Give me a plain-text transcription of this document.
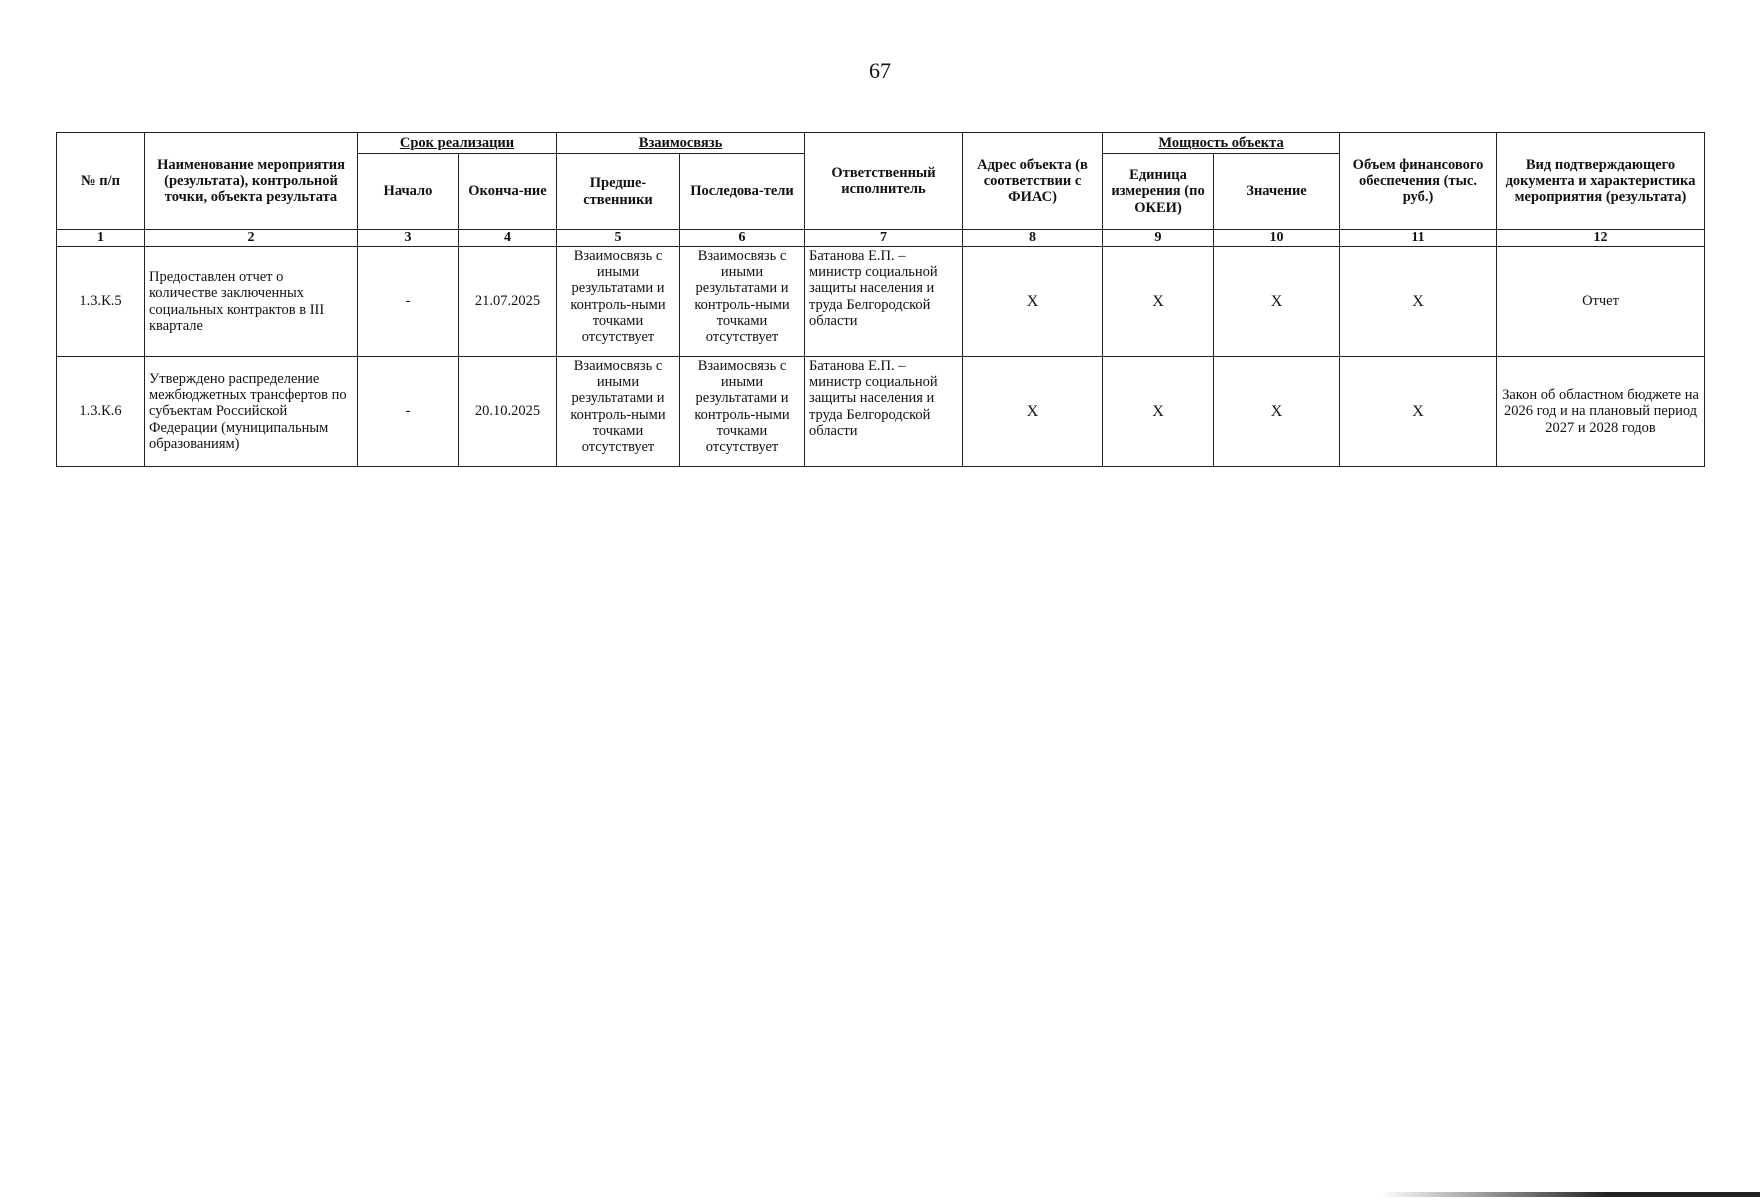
67
№ п/п	Наименование мероприятия (результата), контрольной точки, объекта результата	Срок реализации		Взаимосвязь		Ответственный исполнитель	Адрес объекта (в соответствии с ФИАС)	Мощность объекта		Объем финансового обеспечения (тыс. руб.)	Вид подтверждающего документа и характеристика мероприятия (результата)
		Начало	Оконча-ние	Предше-ственники	Последова-тели			Единица измерения (по ОКЕИ)	Значение		
1	2	3	4	5	6	7	8	9	10	11	12
1.3.К.5	Предоставлен отчет о количестве заключенных социальных контрактов в III квартале	-	21.07.2025	Взаимосвязь с иными результатами и контроль-ными точками отсутствует	Взаимосвязь с иными результатами и контроль-ными точками отсутствует	Батанова Е.П. – министр социальной защиты населения и труда Белгородской области	Х	Х	Х	Х	Отчет
1.3.К.6	Утверждено распределение межбюджетных трансфертов по субъектам Российской Федерации (муниципальным образованиям)	-	20.10.2025	Взаимосвязь с иными результатами и контроль-ными точками отсутствует	Взаимосвязь с иными результатами и контроль-ными точками отсутствует	Батанова Е.П. – министр социальной защиты населения и труда Белгородской области	Х	Х	Х	Х	Закон об областном бюджете на 2026 год и на плановый период 2027 и 2028 годов
